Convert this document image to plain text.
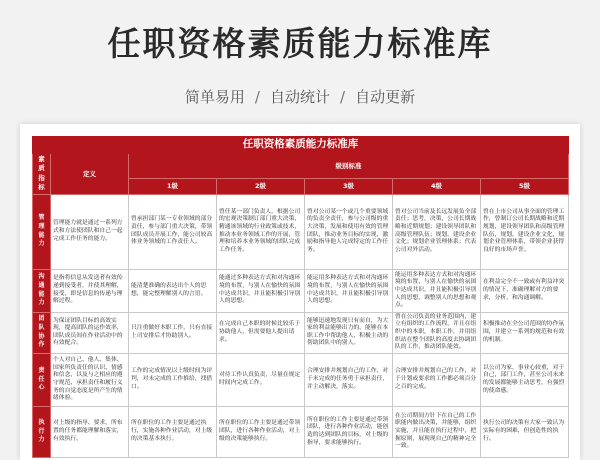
任职资格素质能力标准库
简单易用 / 自动统计 / 自动更新
任职资格素质能力标准库						

素质指标	定义	级别标准				
		1级	2级	3级	4级	5级

管理能力	管理能力就是通过一系列方式和方法使团队和自己一起完成工作任务的能力。	曾承担部门某一专业领域的部分责任，参与部门重大决策，带领团队成员开展工作，能公司较高体业务领域的工作责任人。	曾任某一部门负责人，根据公司的宏观决策制订部门重大决策，精通该领域的行业政策或技术，推动本业务领域工作的开展，管理和培养本业务领域的团队完成工作任务。	曾对公司某一个或几个重要领域的负责全责任，参与公司级的重大决策，发展和使用有效的管理团队，推动业务目标的实现，激励和指导他人完成特定的工作任务。	曾对公司当前及长远发展负全部责任；思考，决策，公司长期战略和近期规划；建设领导团队和高级管理队伍；规划，建设企业文化；规划企业管理体系；代表公司对外活动。	曾在上市公司从事全面的管理工作，曾制订公司长期战略和近期规划，建设领导团队和高级管理队伍，规划，建设企业文化，规划企业管理体系，带领企业获得良好的市场声誉。

沟通能力	是指将信息从发送者有效传递到接受者，并使其理解，接受，即是信息的传递与理解过程。	能清楚准确的表达出个人的思想，能完整理解别人的言语。	能通过多种表达方式和对沟通环境的布置，与别人在愉快的氛围中达成共识，并且能积极引导别人的思想。	能运用多种表达方式和对沟通环境的布置，与别人在愉快的氛围中达成共识，并且能积极引导别人的思想。	能运用多种表达方式和对沟通环境的布置，与别人在愉快的氛围中达成共识，并且能积极引导别人的思想，调整别人的思想和观点。	在利益完全不一致或有利益冲突的情况下，准确理解对方的要求，分析，和沟通调解。

团队协作	为保证团队目标的高效实现，提高团队的运作效率，团队成员间在作业活动中的有效配合。	只注重做好本职工作，只有直接上司安排后才协助别人。	在完成自己本职的时候比较乐于协助他人，但需要他人提出请求。	能够迅速地发现只有而自，为大家的利益能够出力的，能够在本职工作中帮助他人，积极主动的帮助团队中的别人。	曾在公司负责的业务范围内，建立有组织的工作流程，并且在组织中的本职，本职工作，并用组织站在整个团队的高度去协调团队的工作，推动团队能效。	积极推动在全公司范围的协作氛围，并建立一系列的规范和有效的机制。

责任心	个人对自己、他人、集体、国家所负责任的认识、情感和信念，以及与之相应的遵守规范、承担责任和履行义务的自觉态度是所产生的情绪体验。	工作的完成情况以上级时间为评判，对未完成的工作推给，找借口。	对待工作认真负责，尽量在规定时间内完成工作。	合理安排并规划自己的工作，对于未完成的任务勇于承担责任，并主动解决，落实。	合理安排并规划自己的工作，对于计划或要求的工作都必须百分之百的完成。	以公司为家，事业心较重，对于自己，部门工作，甚至公司未来的发展都能够主动思考，有强烈的使命感。

执行力	对上级的指导、要求，所布置的任务都能理解和落实，有效执行。	所在职位的工作主要是通过执行，实施各种作业活动，对上级的决策基本执行。	所在职位的工作主要是通过带领团队，进行各种作业活动，对上级的决策能够执行。	所在职位的工作主要是通过带领团队，进行各种作业活动，能创造的达到团队的目标，对上级的指导，要求能够执行。	在公司期间方针下在自己的工作职能内做出决策，并能够，组织实施，并且能在执行过程中，把握原则，展现现自己的精神完全一致。	执行公司的决策有大家一致认为实际有的困难，但创造性的执行。
